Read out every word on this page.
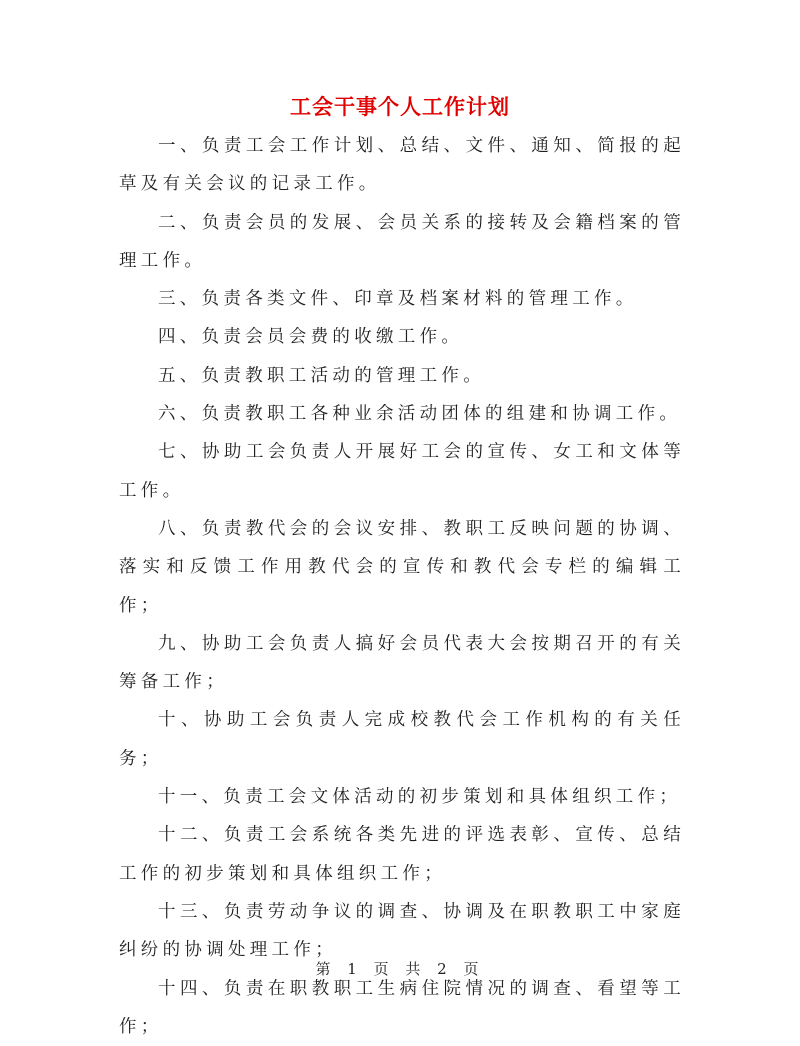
工会干事个人工作计划

一、负责工会工作计划、总结、文件、通知、简报的起草及有关会议的记录工作。

二、负责会员的发展、会员关系的接转及会籍档案的管理工作。

三、负责各类文件、印章及档案材料的管理工作。

四、负责会员会费的收缴工作。

五、负责教职工活动的管理工作。

六、负责教职工各种业余活动团体的组建和协调工作。

七、协助工会负责人开展好工会的宣传、女工和文体等工作。

八、负责教代会的会议安排、教职工反映问题的协调、落实和反馈工作用教代会的宣传和教代会专栏的编辑工作；

九、协助工会负责人搞好会员代表大会按期召开的有关筹备工作；

十、协助工会负责人完成校教代会工作机构的有关任务；

十一、负责工会文体活动的初步策划和具体组织工作；

十二、负责工会系统各类先进的评选表彰、宣传、总结工作的初步策划和具体组织工作；

十三、负责劳动争议的调查、协调及在职教职工中家庭纠纷的协调处理工作；

十四、负责在职教职工生病住院情况的调查、看望等工作；

第 1 页 共 2 页
